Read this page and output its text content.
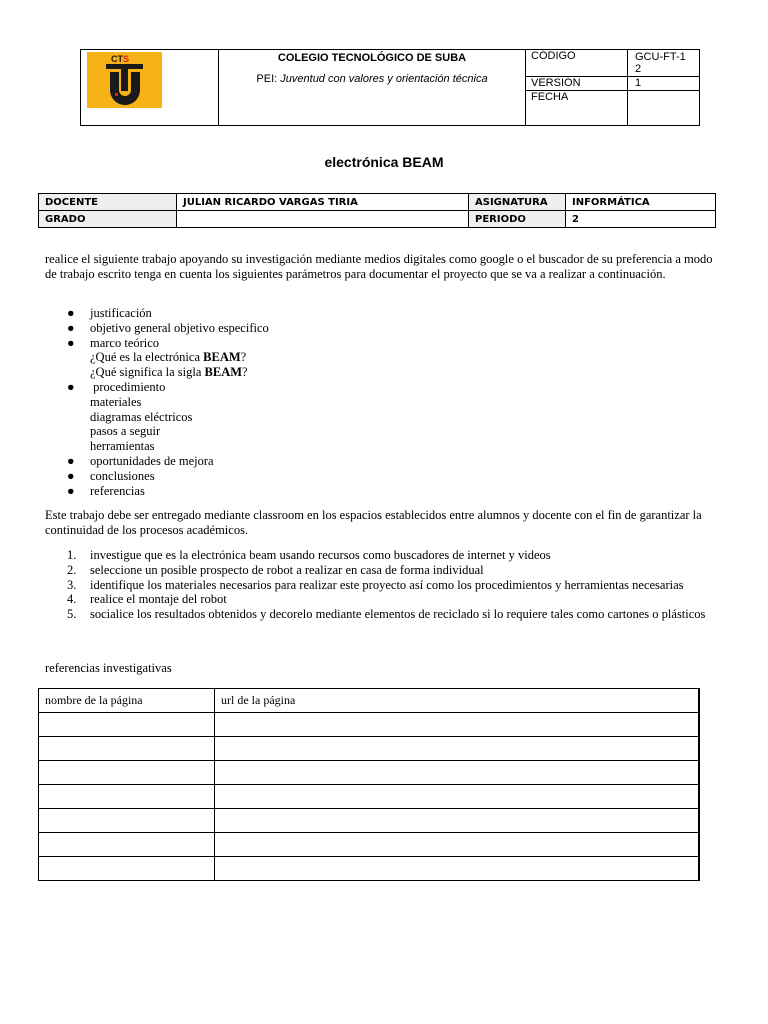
	COLEGIO TECNOLÓGICO DE SUBA
PEI: Juventud con valores y orientación técnica	CÓDIGO	GCU-FT-12

		VERSIÓN	1
		FECHA	
CTS
electrónica BEAM
DOCENTE	JULIAN RICARDO VARGAS TIRIA	ASIGNATURA	INFORMÁTICA
GRADO		PERIODO	2
realice el siguiente trabajo apoyando su investigación mediante medios digitales como google o el buscador de su preferencia a modo de trabajo escrito tenga en cuenta los siguientes parámetros para documentar el proyecto que se va a realizar a continuación.
● justificación
● objetivo general objetivo especifico
● marco teórico
¿Qué es la electrónica BEAM?
¿Qué significa la sigla BEAM?
● procedimiento
materiales
diagramas eléctricos
pasos a seguir
herramientas
● oportunidades de mejora
● conclusiones
● referencias
Este trabajo debe ser entregado mediante classroom en los espacios establecidos entre alumnos y docente con el fin de garantizar la continuidad de los procesos académicos.
1. investigue que es la electrónica beam usando recursos como buscadores de internet y videos
2. seleccione un posible prospecto de robot a realizar en casa de forma individual
3. identifique los materiales necesarios para realizar este proyecto así como los procedimientos y herramientas necesarias
4. realice el montaje del robot
5. socialice los resultados obtenidos y decorelo mediante elementos de reciclado si lo requiere tales como cartones o plásticos
referencias investigativas
nombre de la página	url de la página
